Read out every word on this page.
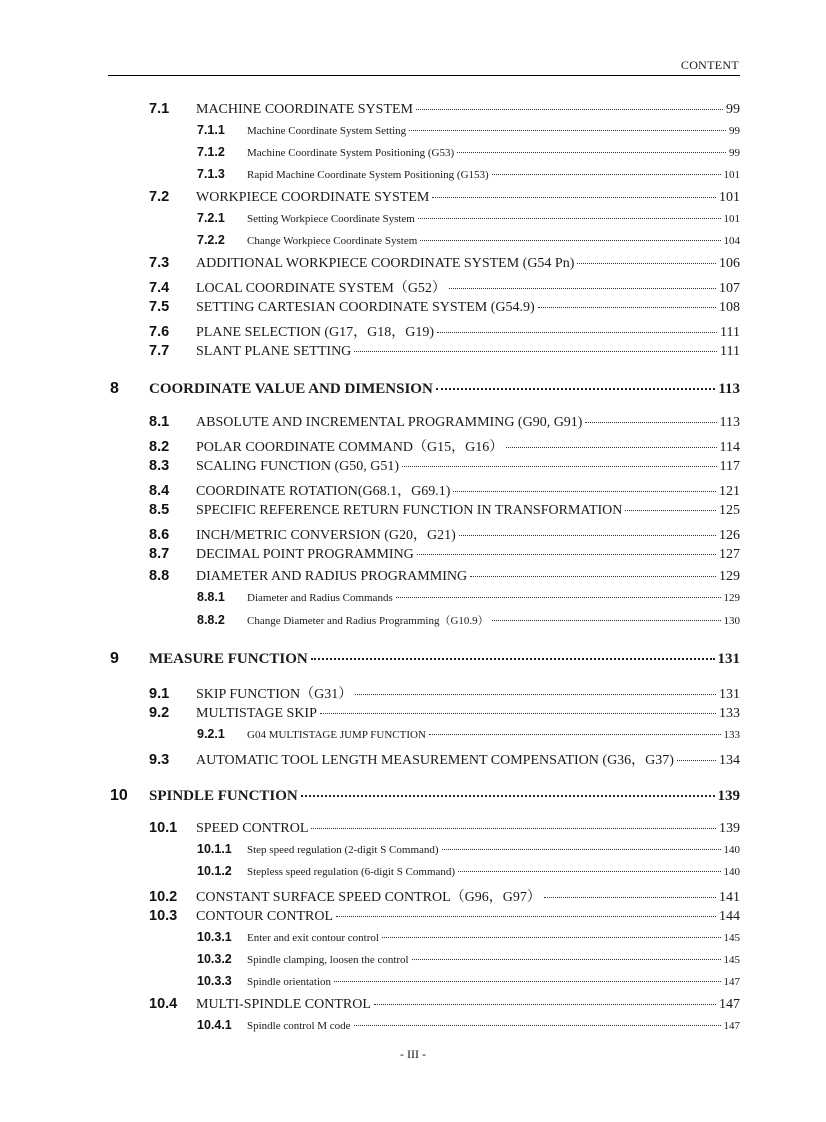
CONTENT
7.1	MACHINE COORDINATE SYSTEM	99
7.1.1	Machine Coordinate System Setting	99
7.1.2	Machine Coordinate System Positioning (G53)	99
7.1.3	Rapid Machine Coordinate System Positioning (G153)	101
7.2	WORKPIECE COORDINATE SYSTEM	101
7.2.1	Setting Workpiece Coordinate System	101
7.2.2	Change Workpiece Coordinate System	104
7.3	ADDITIONAL WORKPIECE COORDINATE SYSTEM (G54 Pn)	106
7.4	LOCAL COORDINATE SYSTEM（G52）	107
7.5	SETTING CARTESIAN COORDINATE SYSTEM (G54.9)	108
7.6	PLANE SELECTION (G17，G18，G19)	111
7.7	SLANT PLANE SETTING	111
8	COORDINATE VALUE AND DIMENSION	113
8.1	ABSOLUTE AND INCREMENTAL PROGRAMMING (G90, G91)	113
8.2	POLAR COORDINATE COMMAND（G15，G16）	114
8.3	SCALING FUNCTION (G50, G51)	117
8.4	COORDINATE ROTATION(G68.1，G69.1)	121
8.5	SPECIFIC REFERENCE RETURN FUNCTION IN TRANSFORMATION	125
8.6	INCH/METRIC CONVERSION (G20，G21)	126
8.7	DECIMAL POINT PROGRAMMING	127
8.8	DIAMETER AND RADIUS PROGRAMMING	129
8.8.1	Diameter and Radius Commands	129
8.8.2	Change Diameter and Radius Programming（G10.9）	130
9	MEASURE FUNCTION	131
9.1	SKIP FUNCTION（G31）	131
9.2	MULTISTAGE SKIP	133
9.2.1	G04 MULTISTAGE JUMP FUNCTION	133
9.3	AUTOMATIC TOOL LENGTH MEASUREMENT COMPENSATION (G36，G37)	134
10	SPINDLE FUNCTION	139
10.1	SPEED CONTROL	139
10.1.1	Step speed regulation (2-digit S Command)	140
10.1.2	Stepless speed regulation (6-digit S Command)	140
10.2	CONSTANT SURFACE SPEED CONTROL（G96，G97）	141
10.3	CONTOUR CONTROL	144
10.3.1	Enter and exit contour control	145
10.3.2	Spindle clamping, loosen the control	145
10.3.3	Spindle orientation	147
10.4	MULTI-SPINDLE CONTROL	147
10.4.1	Spindle control M code	147
- III -
